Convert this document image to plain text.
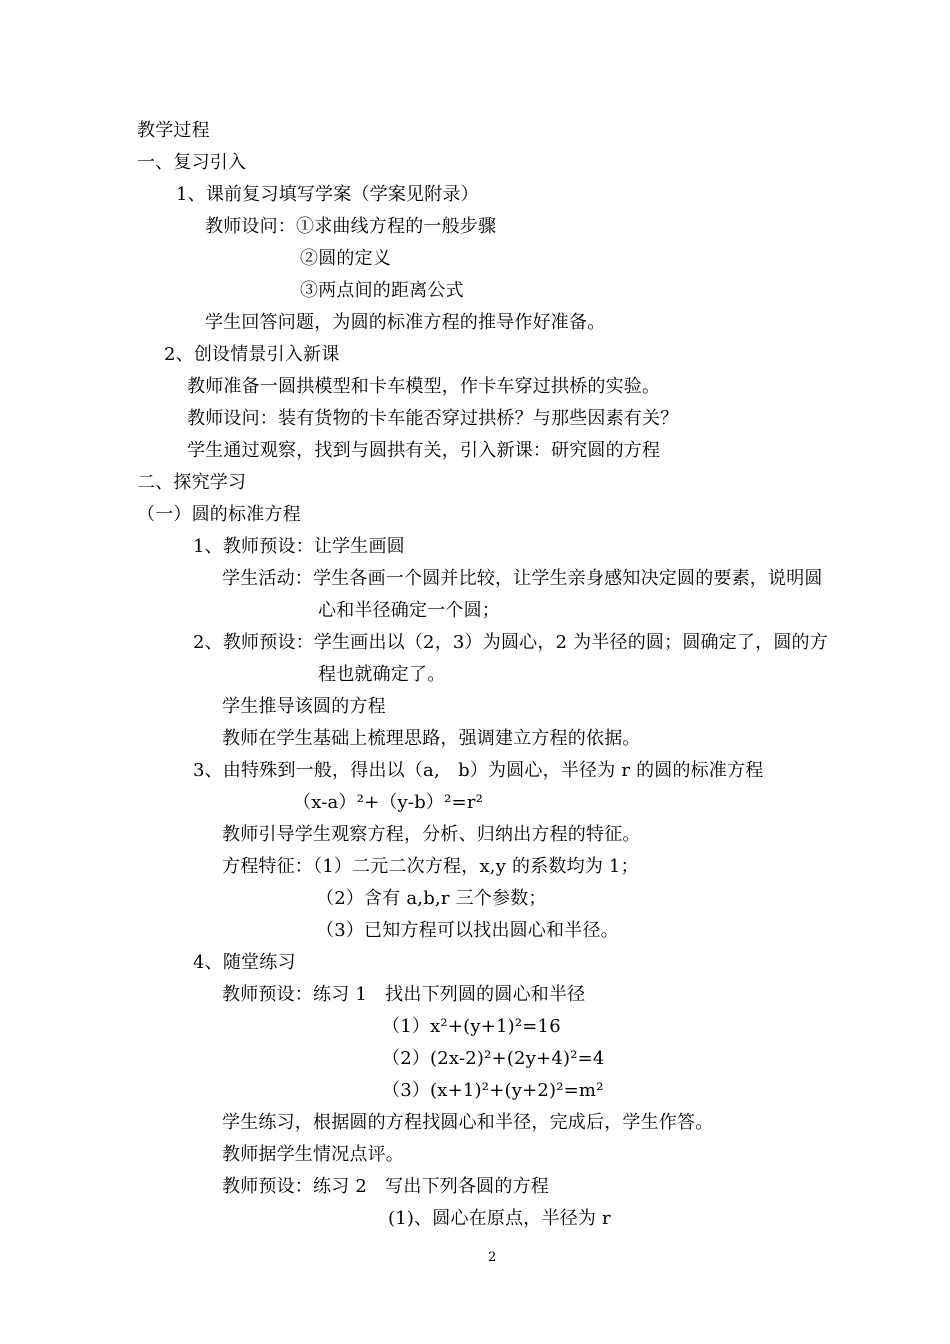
教学过程
一、复习引入
1、课前复习填写学案（学案见附录）
教师设问：①求曲线方程的一般步骤
②圆的定义
③两点间的距离公式
学生回答问题，为圆的标准方程的推导作好准备。
2、创设情景引入新课
教师准备一圆拱模型和卡车模型，作卡车穿过拱桥的实验。
教师设问：装有货物的卡车能否穿过拱桥？与那些因素有关？
学生通过观察，找到与圆拱有关，引入新课：研究圆的方程
二、探究学习
（一）圆的标准方程
1、教师预设：让学生画圆
学生活动：学生各画一个圆并比较，让学生亲身感知决定圆的要素，说明圆
心和半径确定一个圆；
2、教师预设：学生画出以（2，3）为圆心，2 为半径的圆；圆确定了，圆的方
程也就确定了。
学生推导该圆的方程
教师在学生基础上梳理思路，强调建立方程的依据。
3、由特殊到一般，得出以（a,　b）为圆心，半径为 r 的圆的标准方程
（x-a）²+（y-b）²=r²
教师引导学生观察方程，分析、归纳出方程的特征。
方程特征：（1）二元二次方程，x,y 的系数均为 1；
（2）含有 a,b,r 三个参数；
（3）已知方程可以找出圆心和半径。
4、随堂练习
教师预设：练习 1　找出下列圆的圆心和半径
（1）x²+(y+1)²=16
（2）(2x-2)²+(2y+4)²=4
（3）(x+1)²+(y+2)²=m²
学生练习，根据圆的方程找圆心和半径，完成后，学生作答。
教师据学生情况点评。
教师预设：练习 2　写出下列各圆的方程
(1)、圆心在原点，半径为 r
2
